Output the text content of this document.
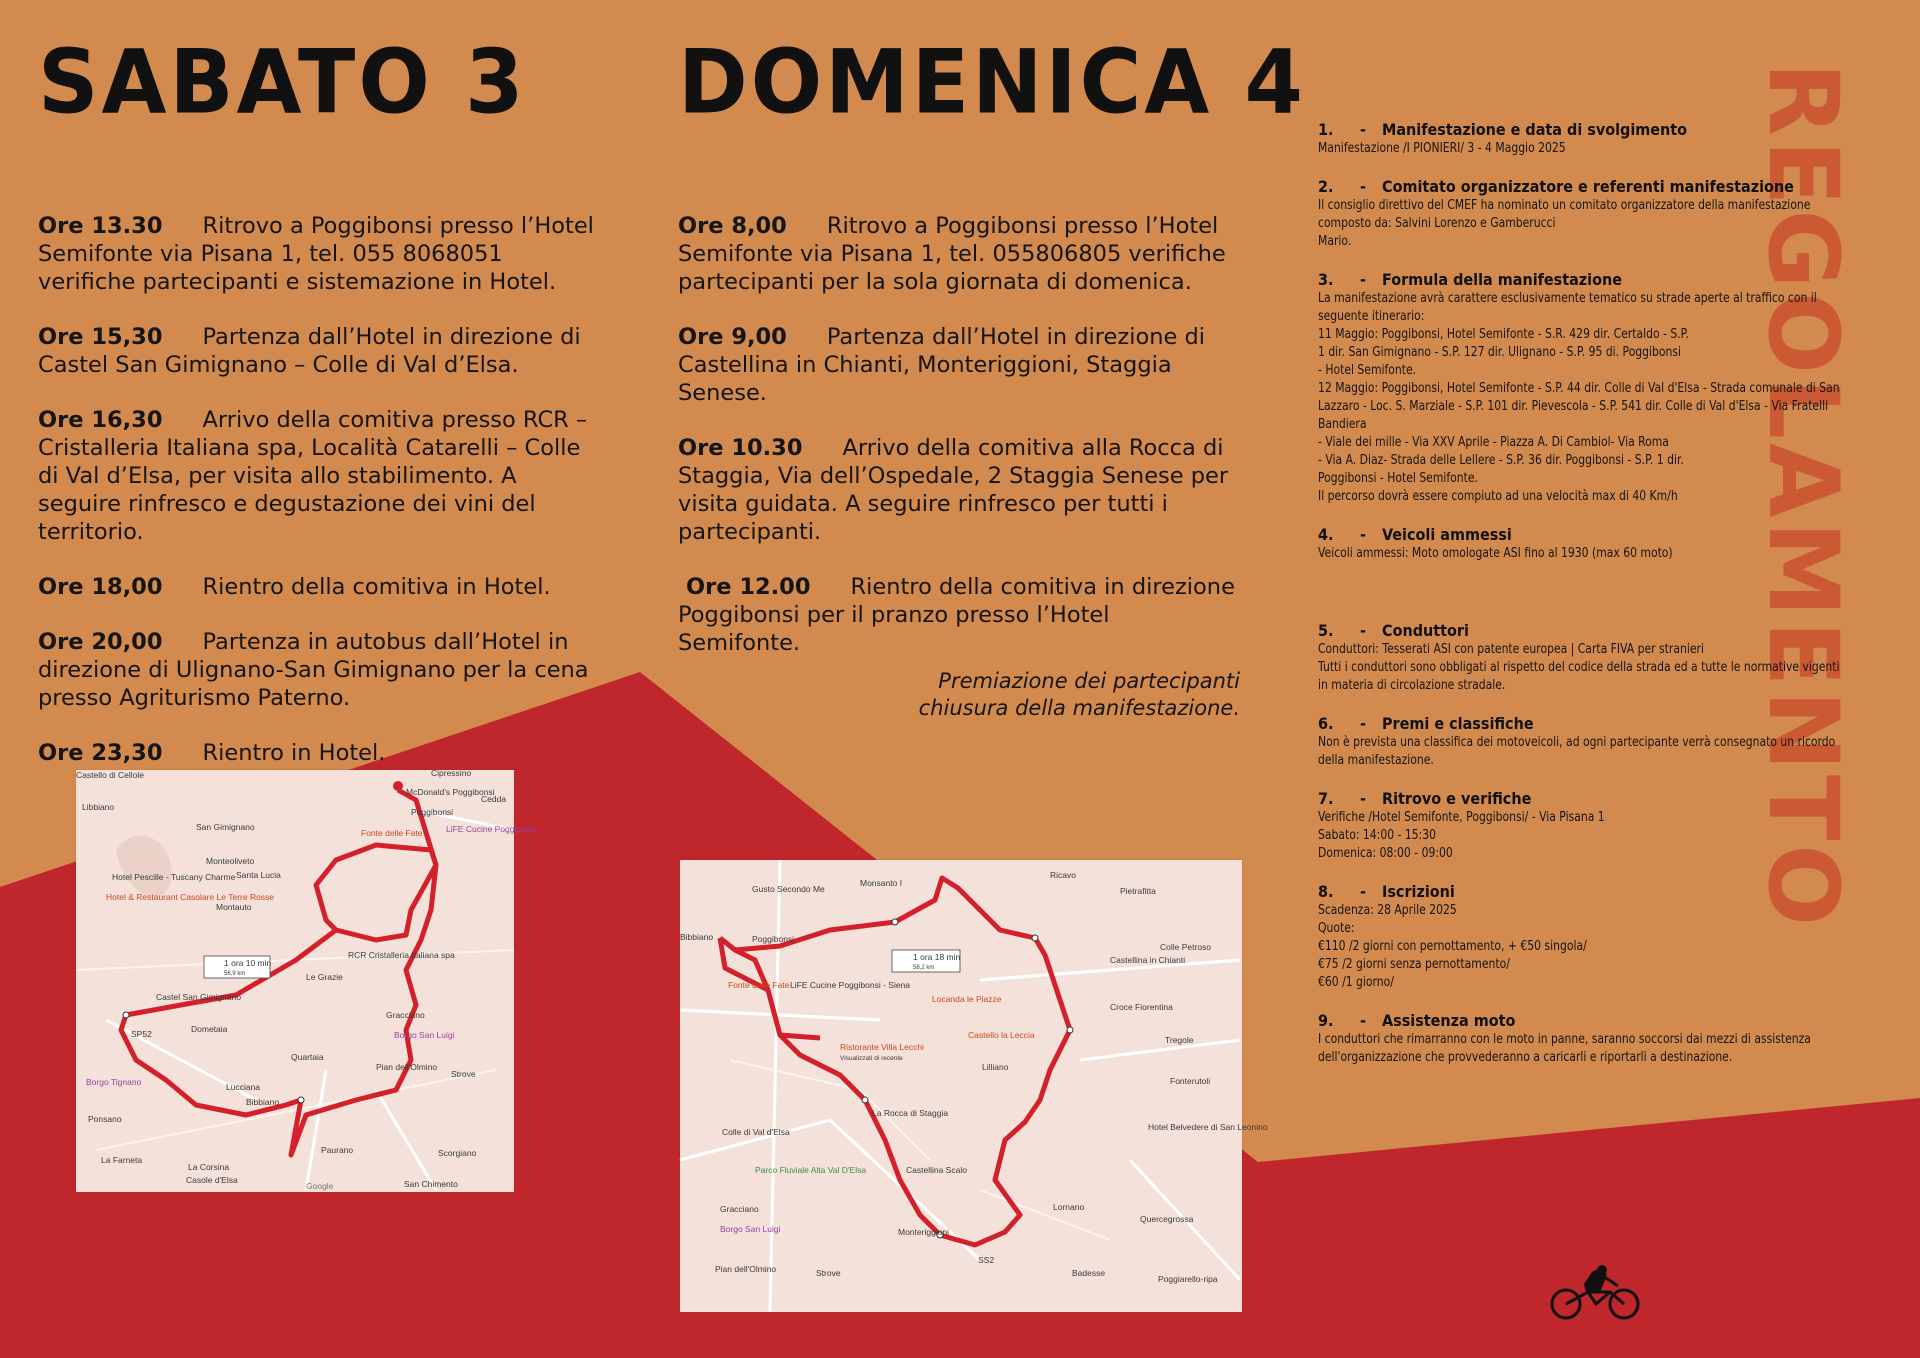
SABATO 3

Ore 13.30 Ritrovo a Poggibonsi presso l’Hotel Semifonte via Pisana 1, tel. 055 8068051 verifiche partecipanti e sistemazione in Hotel.

Ore 15,30 Partenza dall’Hotel in direzione di Castel San Gimignano – Colle di Val d’Elsa.

Ore 16,30 Arrivo della comitiva presso RCR – Cristalleria Italiana spa, Località Catarelli – Colle di Val d’Elsa, per visita allo stabilimento. A seguire rinfresco e degustazione dei vini del territorio.

Ore 18,00 Rientro della comitiva in Hotel.

Ore 20,00 Partenza in autobus dall’Hotel in direzione di Ulignano-San Gimignano per la cena presso Agriturismo Paterno.

Ore 23,30 Rientro in Hotel.

1 ora 10 min
56,9 km
Castello di Cellole
Libbiano
San Gimignano
Hotel Pescille - Tuscany Charme
Monteoliveto
Santa Lucia
Hotel & Restaurant Casolare Le Terre Rosse
Montauto
Le Grazie
RCR Cristalleria Italiana spa
Castel San Gimignano
SP52	Dometaia
Quartaia
Gracciano
Borgo San Luigi
Pian dell'Olmino
Strove
Borgo Tignano	Lucciana
Bibbiano
Ponsano
La Farneta
La Corsina
Casole d'Elsa
Paurano	Scorgiano
San Chimento
Poggibonsi
McDonald's Poggibonsi
LiFE Cucine Poggibonsi
Fonte delle Fate
Cipressino
Cedda
Google
DOMENICA 4

Ore 8,00 Ritrovo a Poggibonsi presso l’Hotel Semifonte via Pisana 1, tel. 055806805 verifiche partecipanti per la sola giornata di domenica.

Ore 9,00 Partenza dall’Hotel in direzione di Castellina in Chianti, Monteriggioni, Staggia Senese.

Ore 10.30 Arrivo della comitiva alla Rocca di Staggia, Via dell’Ospedale, 2 Staggia Senese per visita guidata. A seguire rinfresco per tutti i partecipanti.

Ore 12.00 Rientro della comitiva in direzione Poggibonsi per il pranzo presso l’Hotel Semifonte.

Premiazione dei partecipanti
chiusura della manifestazione.
1 ora 18 min
58,2 km
Monsanto I
Ricavo
Pietrafitta
Gusto Secondo Me
Bibbiano	Poggibonsi
Colle Petroso
Castellina in Chianti
Fonte delle Fate LiFE Cucine Poggibonsi - Siena
Locanda le Piazze
Croce Fiorentina
Ristorante Villa Lecchi
Visualizzati di recente
Castello la Leccia	Tregole
Lilliano
Fonterutoli
La Rocca di Staggia
Colle di Val d'Elsa	Hotel Belvedere di San Leonino
Parco Fluviale Alta Val D'Elsa	Castellina Scalo
Gracciano
Borgo San Luigi
Lornano
Quercegrossa
Monteriggioni
Pian dell'Olmino	Strove	Badesse
Poggiarello-ripa
SS2
REGOLAMENTO
1.	-	Manifestazione e data di svolgimento
Manifestazione /I PIONIERI/ 3 - 4 Maggio 2025
2.	-	Comitato organizzatore e referenti manifestazione
Il consiglio direttivo del CMEF ha nominato un comitato organizzatore della manifestazione
composto da: Salvini Lorenzo e Gamberucci
Mario.
3.	-	Formula della manifestazione
La manifestazione avrà carattere esclusivamente tematico su strade aperte al traffico con il
seguente itinerario:
11 Maggio: Poggibonsi, Hotel Semifonte - S.R. 429 dir. Certaldo - S.P.
1 dir. San Gimignano - S.P. 127 dir. Ulignano - S.P. 95 di. Poggibonsi
- Hotel Semifonte.
12 Maggio: Poggibonsi, Hotel Semifonte - S.P. 44 dir. Colle di Val d'Elsa - Strada comunale di San
Lazzaro - Loc. S. Marziale - S.P. 101 dir. Pievescola - S.P. 541 dir. Colle di Val d'Elsa - Via Fratelli
Bandiera
- Viale dei mille - Via XXV Aprile - Piazza A. Di Cambiol- Via Roma
- Via A. Diaz- Strada delle Lellere - S.P. 36 dir. Poggibonsi - S.P. 1 dir.
Poggibonsi - Hotel Semifonte.
Il percorso dovrà essere compiuto ad una velocità max di 40 Km/h
4.	-	Veicoli ammessi
Veicoli ammessi: Moto omologate ASI fino al 1930 (max 60 moto)
5.	-	Conduttori
Conduttori: Tesserati ASI con patente europea | Carta FIVA per stranieri
Tutti i conduttori sono obbligati al rispetto del codice della strada ed a tutte le normative vigenti
in materia di circolazione stradale.
6.	-	Premi e classifiche
Non è prevista una classifica dei motoveicoli, ad ogni partecipante verrà consegnato un ricordo
della manifestazione.
7.	-	Ritrovo e verifiche
Verifiche /Hotel Semifonte, Poggibonsi/ - Via Pisana 1
Sabato: 14:00 - 15:30
Domenica: 08:00 - 09:00
8.	-	Iscrizioni
Scadenza: 28 Aprile 2025
Quote:
€110 /2 giorni con pernottamento, + €50 singola/
€75 /2 giorni senza pernottamento/
€60 /1 giorno/
9.	-	Assistenza moto
I conduttori che rimarranno con le moto in panne, saranno soccorsi dai mezzi di assistenza
dell'organizzazione che provvederanno a caricarli e riportarli a destinazione.
